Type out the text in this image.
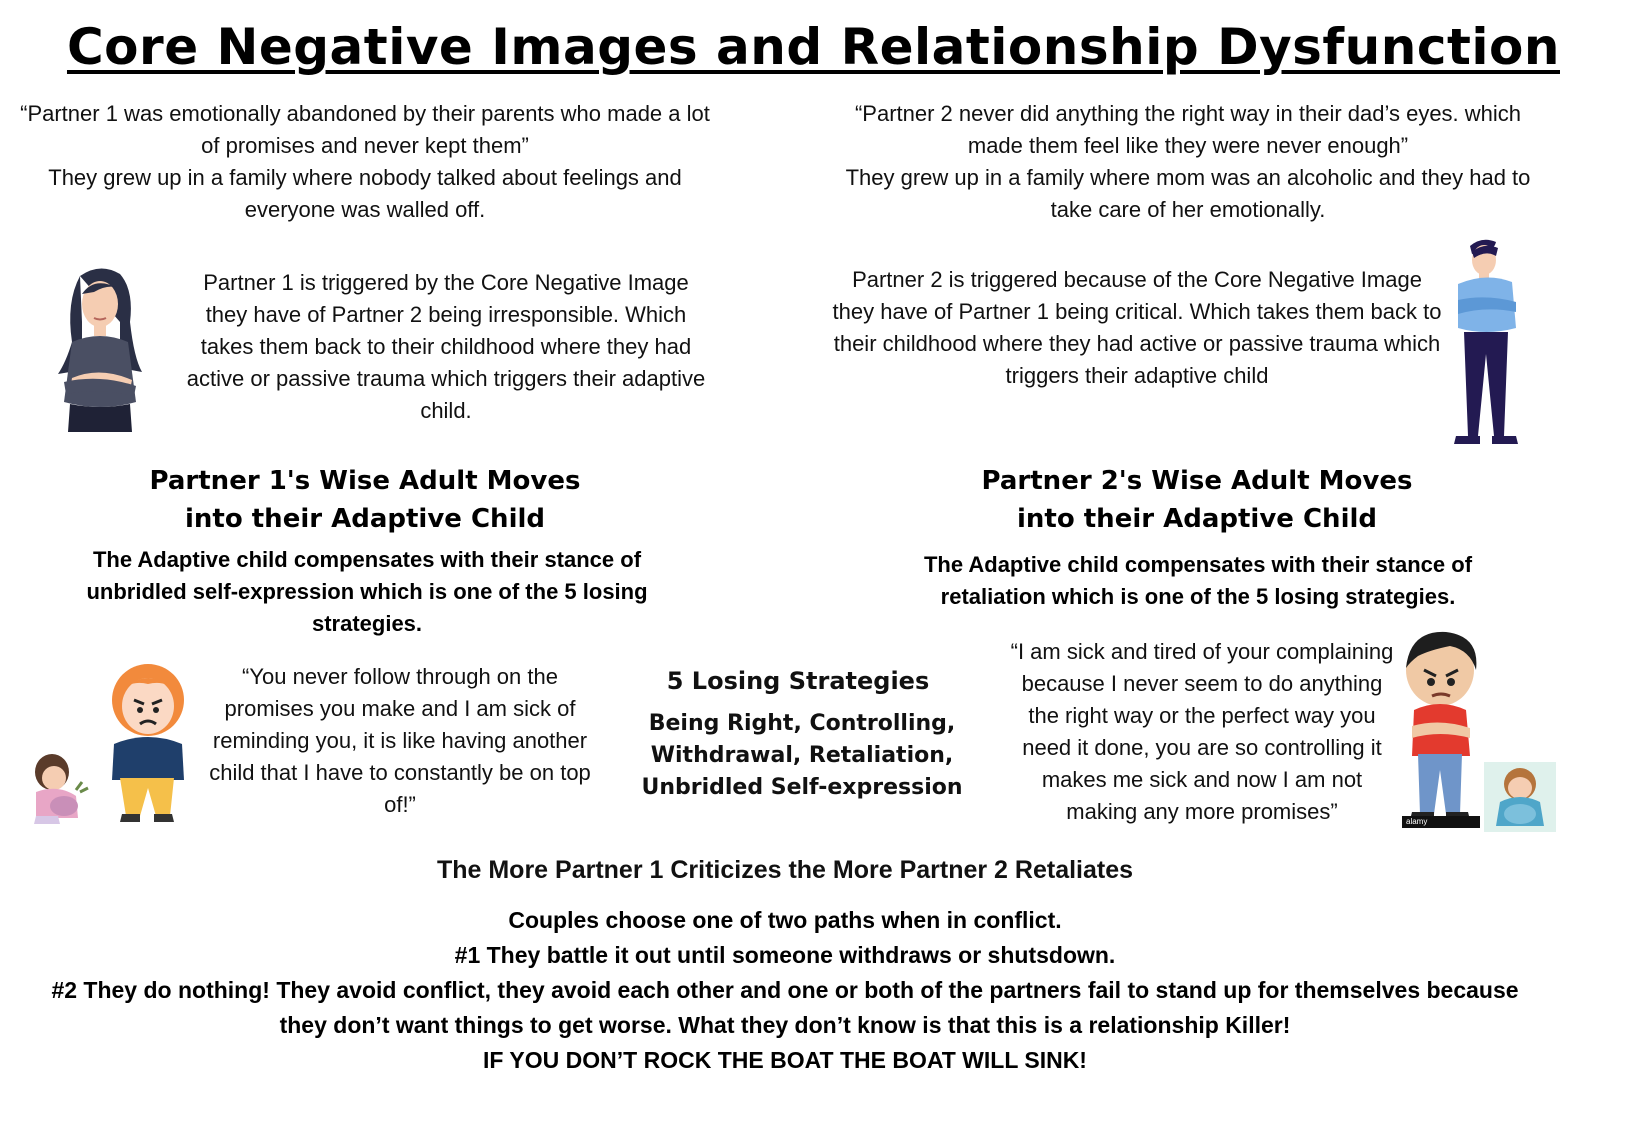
Core Negative Images and Relationship Dysfunction

“Partner 1 was emotionally abandoned by their parents who made a lot of promises and never kept them”

They grew up in a family where nobody talked about feelings and everyone was walled off.

“Partner 2 never did anything the right way in their dad’s eyes. which made them feel like they were never enough”

They grew up in a family where mom was an alcoholic and they had to take care of her emotionally.

Partner 1 is triggered by the Core Negative Image they have of Partner 2 being irresponsible. Which takes them back to their childhood where they had active or passive trauma which triggers their adaptive child.
Partner 2 is triggered because of the Core Negative Image they have of Partner 1 being critical. Which takes them back to their childhood where they had active or passive trauma which triggers their adaptive child
Partner 1's Wise Adult Moves
into their Adaptive Child
Partner 2's Wise Adult Moves
into their Adaptive Child
The Adaptive child compensates with their stance of unbridled self-expression which is one of the 5 losing strategies.
The Adaptive child compensates with their stance of retaliation which is one of the 5 losing strategies.
“You never follow through on the promises you make and I am sick of reminding you, it is like having another child that I have to constantly be on top of!”
5 Losing Strategies
Being Right, Controlling, Withdrawal, Retaliation, Unbridled Self-expression
“I am sick and tired of your complaining because I never seem to do anything the right way or the perfect way you need it done, you are so controlling it makes me sick and now I am not making any more promises”	alamy
The More Partner 1 Criticizes the More Partner 2 Retaliates

Couples choose one of two paths when in conflict.

#1 They battle it out until someone withdraws or shutsdown.

#2 They do nothing! They avoid conflict, they avoid each other and one or both of the partners fail to stand up for themselves because they don’t want things to get worse. What they don’t know is that this is a relationship Killer!

IF YOU DON’T ROCK THE BOAT THE BOAT WILL SINK!
